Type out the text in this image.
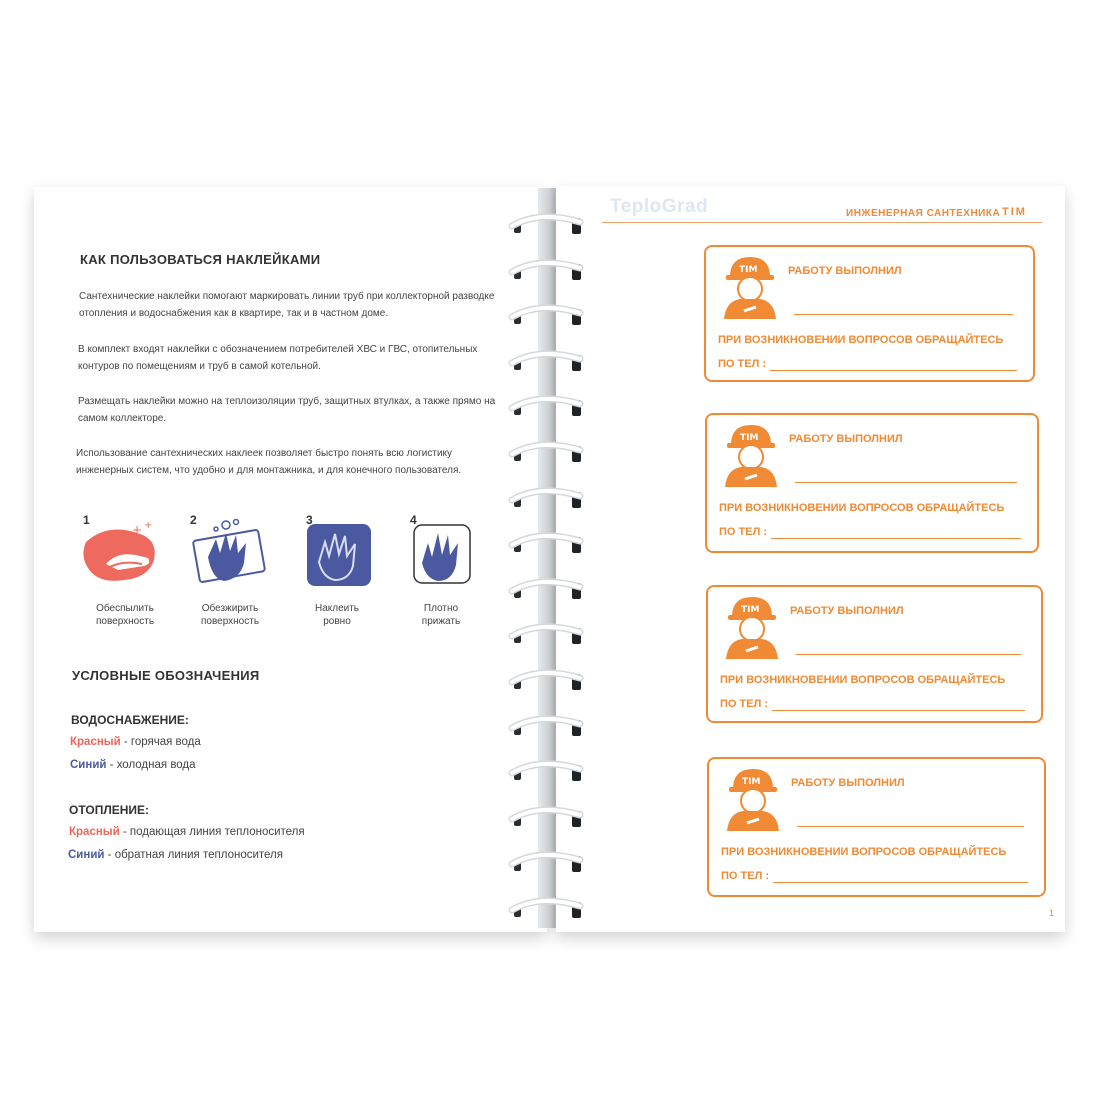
КАК ПОЛЬЗОВАТЬСЯ НАКЛЕЙКАМИ

Сантехнические наклейки помогают маркировать линии труб при коллекторной разводке отопления и водоснабжения как в квартире, так и в частном доме.

В комплект входят наклейки с обозначением потребителей ХВС и ГВС, отопительных контуров по помещениям и труб в самой котельной.

Размещать наклейки можно на теплоизоляции труб, защитных втулках, а также прямо на самом коллекторе.

Использование сантехнических наклеек позволяет быстро понять всю логистику инженерных систем, что удобно и для монтажника, и для конечного пользователя.

1
+ +

Обеспылить
поверхность

2

Обезжирить
поверхность

3

Наклеить
ровно

4

Плотно
прижать

УСЛОВНЫЕ ОБОЗНАЧЕНИЯ

ВОДОСНАБЖЕНИЕ:

Красный - горячая вода

Синий - холодная вода

ОТОПЛЕНИЕ:

Красный - подающая линия теплоносителя

Синий - обратная линия теплоносителя

TeploGrad	ИНЖЕНЕРНАЯ САНТЕХНИКА TIM
1
TIM	РАБОТУ ВЫПОЛНИЛ
ПРИ ВОЗНИКНОВЕНИИ ВОПРОСОВ ОБРАЩАЙТЕСЬ
ПО ТЕЛ :
TIM	РАБОТУ ВЫПОЛНИЛ
ПРИ ВОЗНИКНОВЕНИИ ВОПРОСОВ ОБРАЩАЙТЕСЬ
ПО ТЕЛ :
TIM	РАБОТУ ВЫПОЛНИЛ
ПРИ ВОЗНИКНОВЕНИИ ВОПРОСОВ ОБРАЩАЙТЕСЬ
ПО ТЕЛ :
TIM	РАБОТУ ВЫПОЛНИЛ
ПРИ ВОЗНИКНОВЕНИИ ВОПРОСОВ ОБРАЩАЙТЕСЬ
ПО ТЕЛ :
